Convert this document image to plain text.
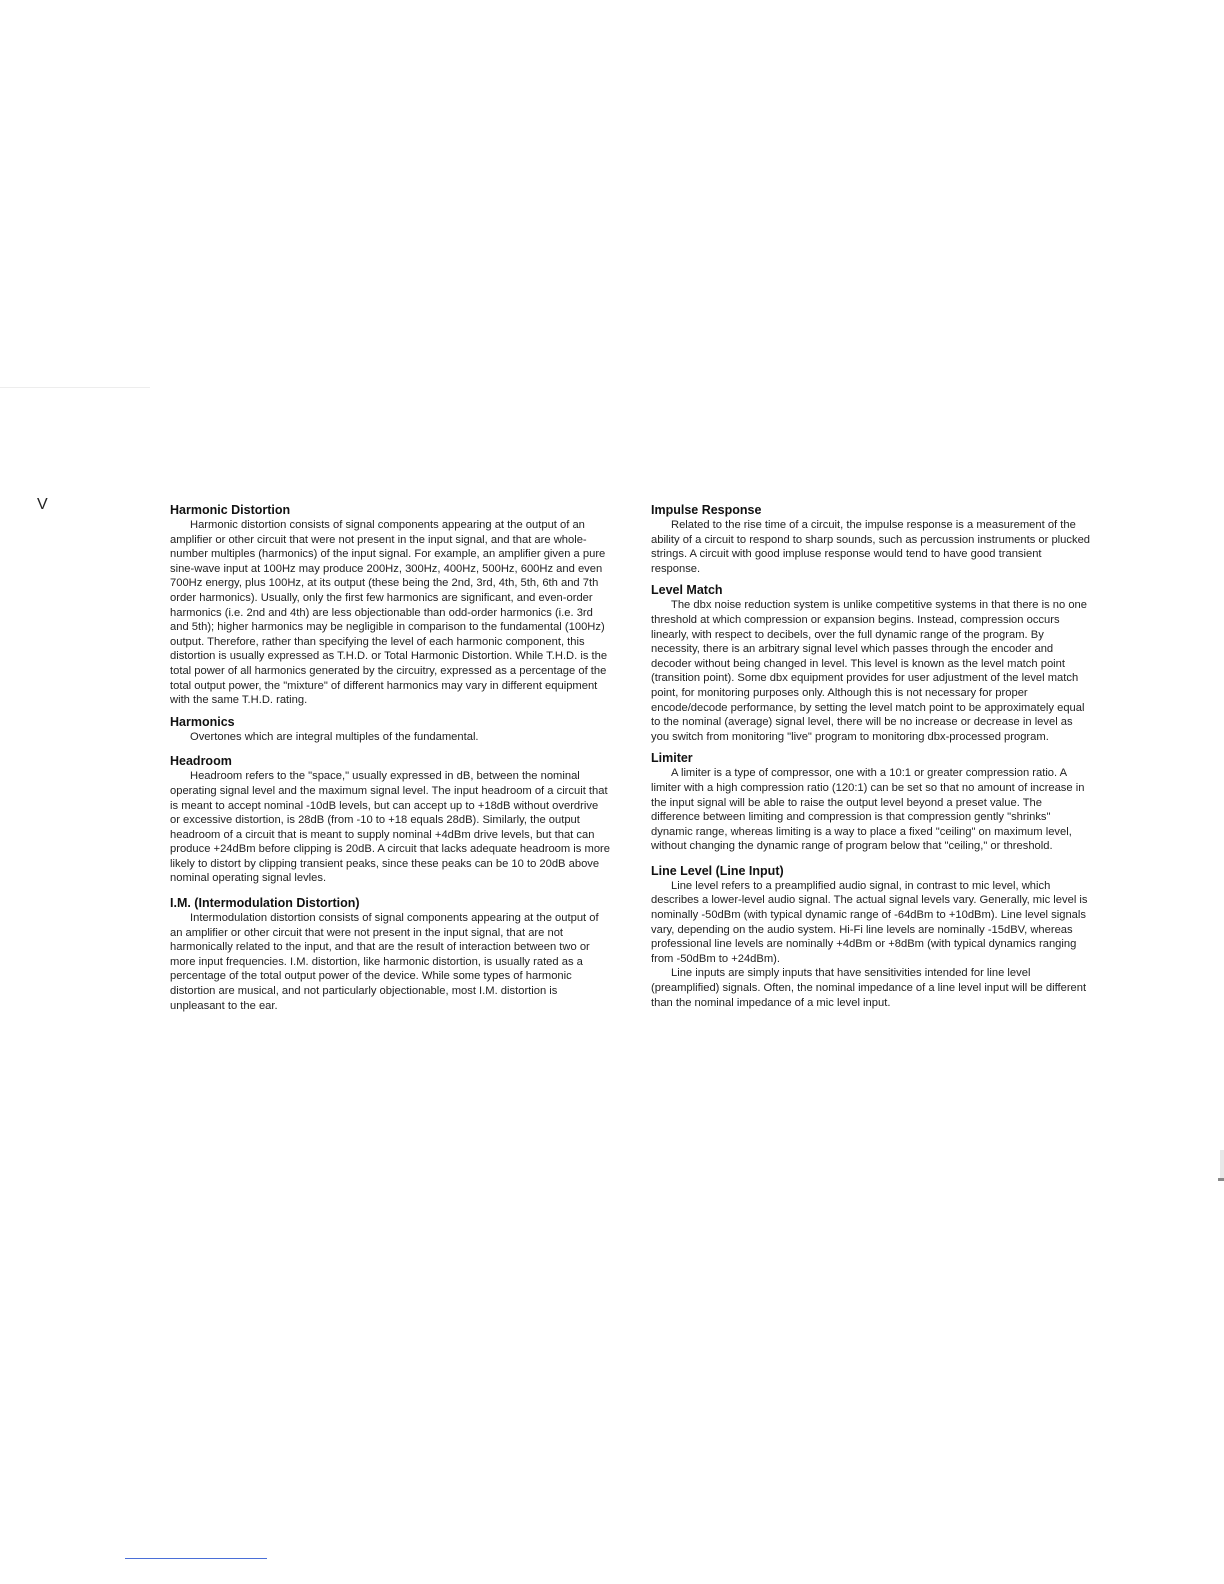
V	Harmonic Distortion

Harmonic distortion consists of signal components appearing at the output of an amplifier or other circuit that were not present in the input signal, and that are whole-number multiples (harmonics) of the input signal. For example, an amplifier given a pure sine-wave input at 100Hz may produce 200Hz, 300Hz, 400Hz, 500Hz, 600Hz and even 700Hz energy, plus 100Hz, at its output (these being the 2nd, 3rd, 4th, 5th, 6th and 7th order harmonics). Usually, only the first few harmonics are significant, and even-order harmonics (i.e. 2nd and 4th) are less objectionable than odd-order harmonics (i.e. 3rd and 5th); higher harmonics may be negligible in comparison to the fundamental (100Hz) output. Therefore, rather than specifying the level of each harmonic component, this distortion is usually expressed as T.H.D. or Total Harmonic Distortion. While T.H.D. is the total power of all harmonics generated by the circuitry, expressed as a percentage of the total output power, the "mixture" of different harmonics may vary in different equipment with the same T.H.D. rating.

Harmonics

Overtones which are integral multiples of the fundamental.

Headroom

Headroom refers to the "space," usually expressed in dB, between the nominal operating signal level and the maximum signal level. The input headroom of a circuit that is meant to accept nominal -10dB levels, but can accept up to +18dB without overdrive or excessive distortion, is 28dB (from -10 to +18 equals 28dB). Similarly, the output headroom of a circuit that is meant to supply nominal +4dBm drive levels, but that can produce +24dBm before clipping is 20dB. A circuit that lacks adequate headroom is more likely to distort by clipping transient peaks, since these peaks can be 10 to 20dB above nominal operating signal levles.

I.M. (Intermodulation Distortion)

Intermodulation distortion consists of signal components appearing at the output of an amplifier or other circuit that were not present in the input signal, that are not harmonically related to the input, and that are the result of interaction between two or more input frequencies. I.M. distortion, like harmonic distortion, is usually rated as a percentage of the total output power of the device. While some types of harmonic distortion are musical, and not particularly objectionable, most I.M. distortion is unpleasant to the ear.

Impulse Response

Related to the rise time of a circuit, the impulse response is a measurement of the ability of a circuit to respond to sharp sounds, such as percussion instruments or plucked strings. A circuit with good impluse response would tend to have good transient response.

Level Match

The dbx noise reduction system is unlike competitive systems in that there is no one threshold at which compression or expansion begins. Instead, compression occurs linearly, with respect to decibels, over the full dynamic range of the program. By necessity, there is an arbitrary signal level which passes through the encoder and decoder without being changed in level. This level is known as the level match point (transition point). Some dbx equipment provides for user adjustment of the level match point, for monitoring purposes only. Although this is not necessary for proper encode/decode performance, by setting the level match point to be approximately equal to the nominal (average) signal level, there will be no increase or decrease in level as you switch from monitoring "live" program to monitoring dbx-processed program.

Limiter

A limiter is a type of compressor, one with a 10:1 or greater compression ratio. A limiter with a high compression ratio (120:1) can be set so that no amount of increase in the input signal will be able to raise the output level beyond a preset value. The difference between limiting and compression is that compression gently "shrinks" dynamic range, whereas limiting is a way to place a fixed "ceiling" on maximum level, without changing the dynamic range of program below that "ceiling," or threshold.

Line Level (Line Input)

Line level refers to a preamplified audio signal, in contrast to mic level, which describes a lower-level audio signal. The actual signal levels vary. Generally, mic level is nominally -50dBm (with typical dynamic range of -64dBm to +10dBm). Line level signals vary, depending on the audio system. Hi-Fi line levels are nominally -15dBV, whereas professional line levels are nominally +4dBm or +8dBm (with typical dynamics ranging from -50dBm to +24dBm).

Line inputs are simply inputs that have sensitivities intended for line level (preamplified) signals. Often, the nominal impedance of a line level input will be different than the nominal impedance of a mic level input.
